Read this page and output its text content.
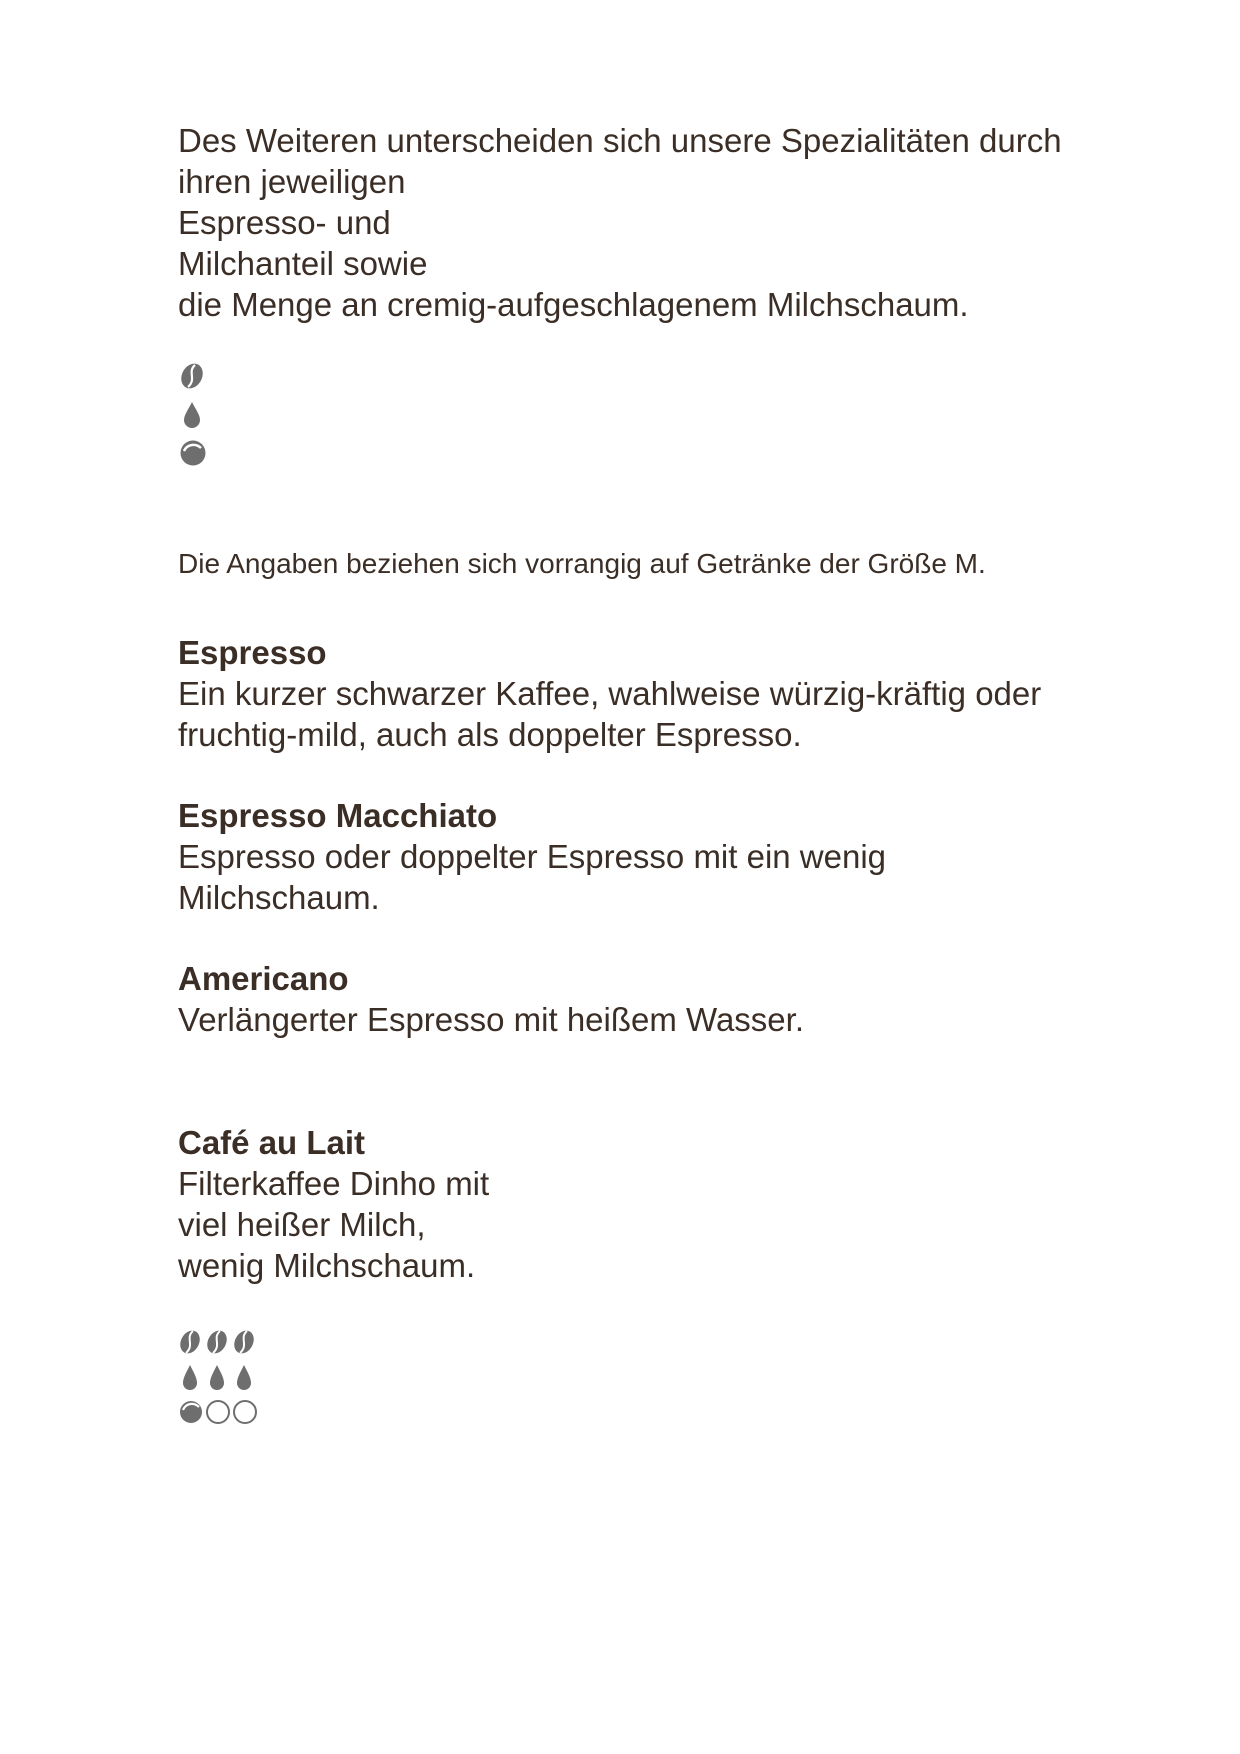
Des Weiteren unterscheiden sich unsere Spezialitäten durch
ihren jeweiligen
Espresso- und
Milchanteil sowie
die Menge an cremig-aufgeschlagenem Milchschaum.
Die Angaben beziehen sich vorrangig auf Getränke der Größe M.
Espresso

Ein kurzer schwarzer Kaffee, wahlweise würzig-kräftig oder
fruchtig-mild, auch als doppelter Espresso.

Espresso Macchiato

Espresso oder doppelter Espresso mit ein wenig
Milchschaum.

Americano

Verlängerter Espresso mit heißem Wasser.

Café au Lait

Filterkaffee Dinho mit
viel heißer Milch,
wenig Milchschaum.
